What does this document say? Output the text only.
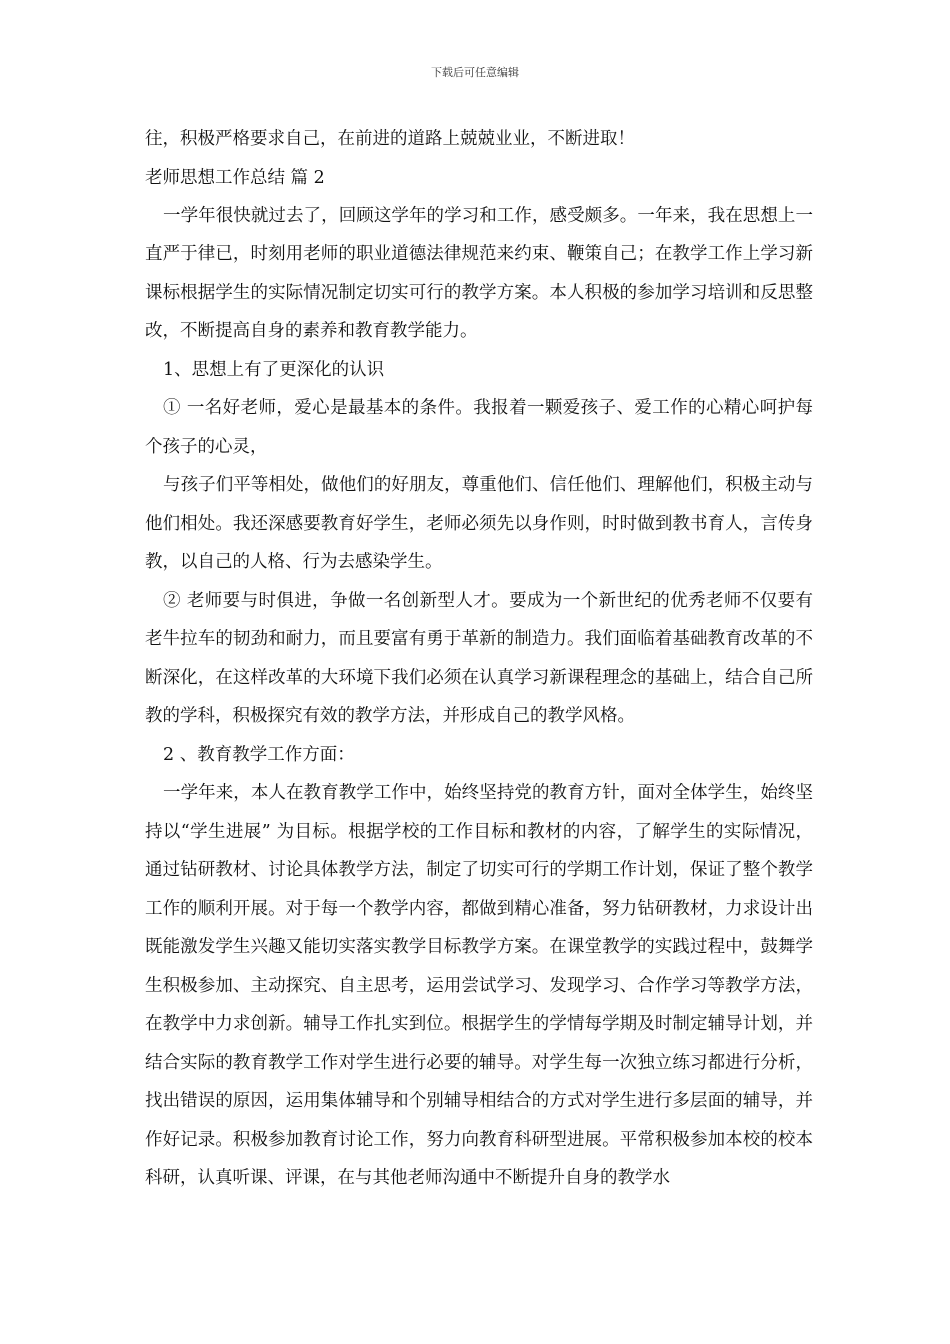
下载后可任意编辑

往，积极严格要求自己，在前进的道路上兢兢业业，不断进取！

老师思想工作总结 篇 2

一学年很快就过去了，回顾这学年的学习和工作，感受颇多。一年来，我在思想上一直严于律已，时刻用老师的职业道德法律规范来约束、鞭策自己；在教学工作上学习新课标根据学生的实际情况制定切实可行的教学方案。本人积极的参加学习培训和反思整改，不断提高自身的素养和教育教学能力。

1、思想上有了更深化的认识

① 一名好老师，爱心是最基本的条件。我报着一颗爱孩子、爱工作的心精心呵护每个孩子的心灵，

与孩子们平等相处，做他们的好朋友，尊重他们、信任他们、理解他们，积极主动与他们相处。我还深感要教育好学生，老师必须先以身作则，时时做到教书育人，言传身教，以自己的人格、行为去感染学生。

② 老师要与时俱进，争做一名创新型人才。要成为一个新世纪的优秀老师不仅要有老牛拉车的韧劲和耐力，而且要富有勇于革新的制造力。我们面临着基础教育改革的不断深化，在这样改革的大环境下我们必须在认真学习新课程理念的基础上，结合自己所教的学科，积极探究有效的教学方法，并形成自己的教学风格。

2 、教育教学工作方面：

一学年来，本人在教育教学工作中，始终坚持党的教育方针，面对全体学生，始终坚持以“学生进展” 为目标。根据学校的工作目标和教材的内容，了解学生的实际情况，通过钻研教材、讨论具体教学方法，制定了切实可行的学期工作计划，保证了整个教学工作的顺利开展。对于每一个教学内容，都做到精心准备，努力钻研教材，力求设计出既能激发学生兴趣又能切实落实教学目标教学方案。在课堂教学的实践过程中，鼓舞学生积极参加、主动探究、自主思考，运用尝试学习、发现学习、合作学习等教学方法，在教学中力求创新。辅导工作扎实到位。根据学生的学情每学期及时制定辅导计划，并结合实际的教育教学工作对学生进行必要的辅导。对学生每一次独立练习都进行分析，找出错误的原因，运用集体辅导和个别辅导相结合的方式对学生进行多层面的辅导，并作好记录。积极参加教育讨论工作，努力向教育科研型进展。平常积极参加本校的校本科研，认真听课、评课，在与其他老师沟通中不断提升自身的教学水
